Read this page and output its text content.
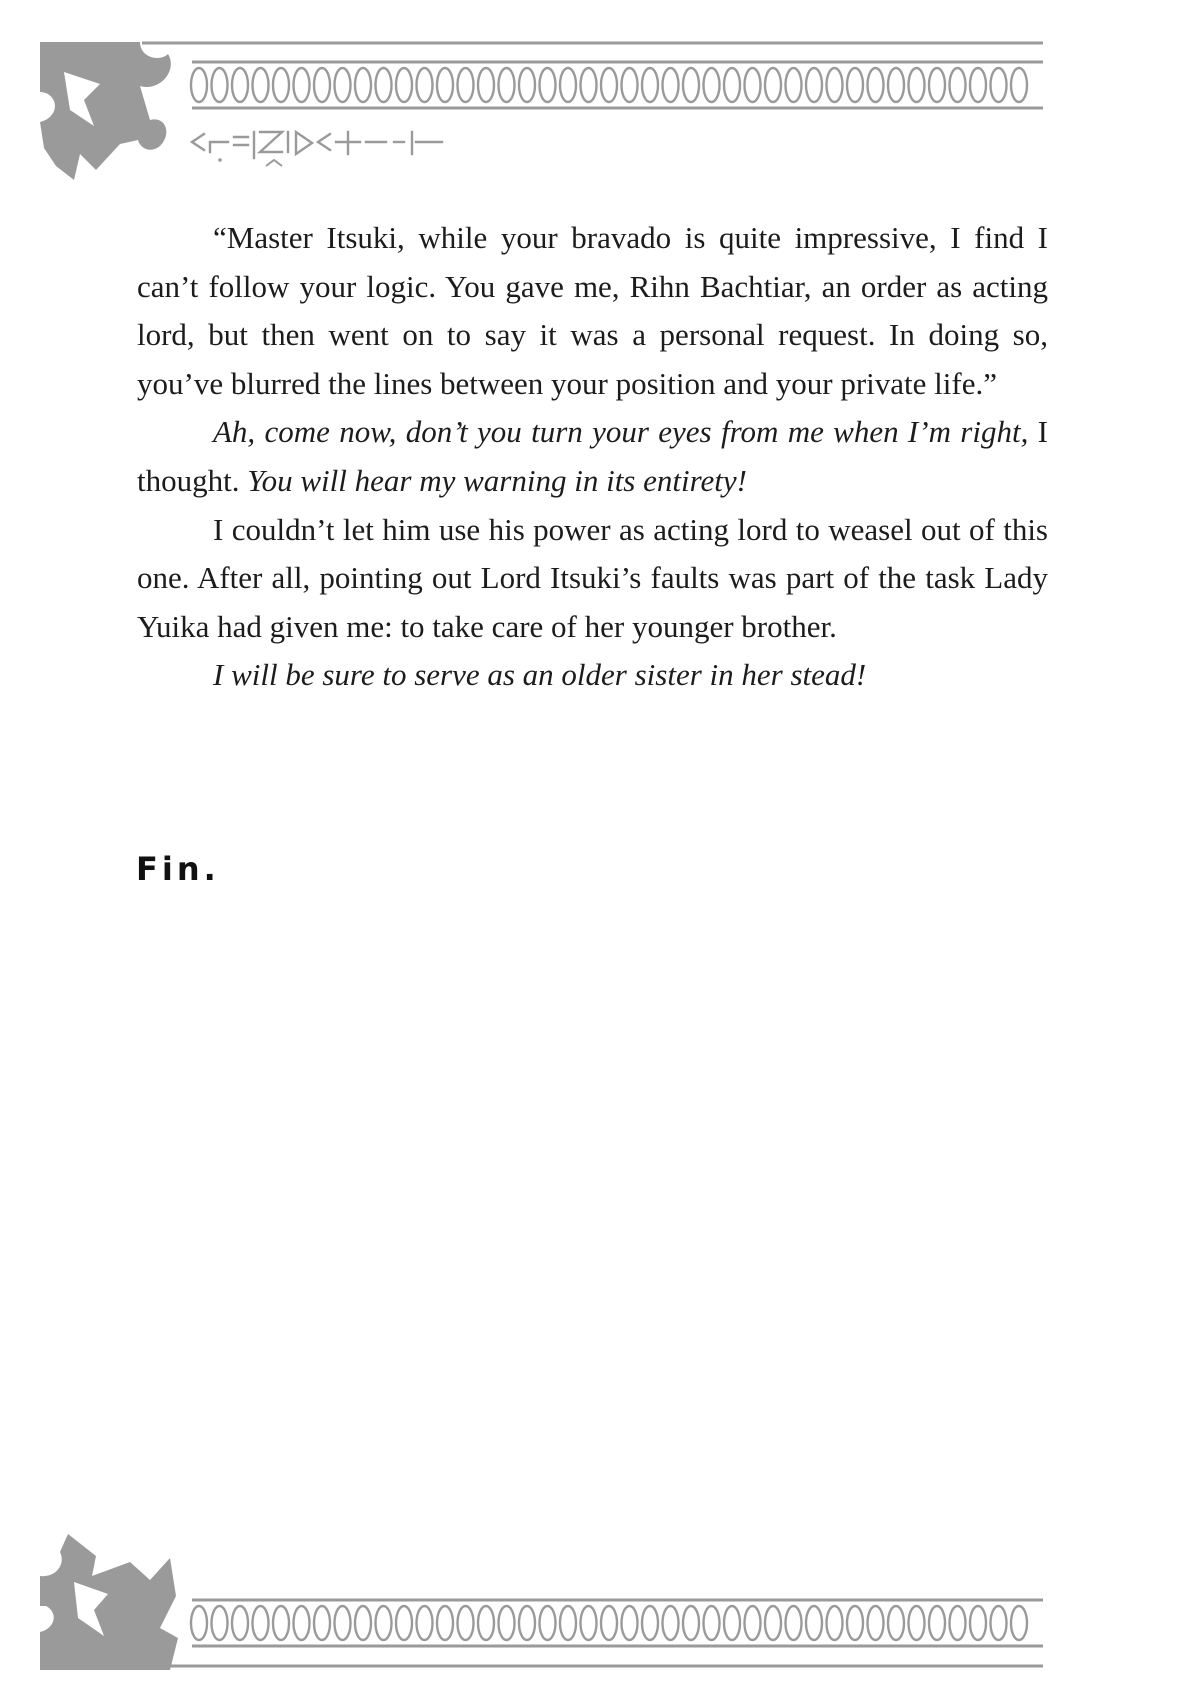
ᚲᚨ=ᛁᛞᚦᚲ+−−ᛁ

“Master Itsuki, while your bravado is quite impressive, I find I can’t follow your logic. You gave me, Rihn Bachtiar, an order as acting lord, but then went on to say it was a personal request. In doing so, you’ve blurred the lines between your position and your private life.”

Ah, come now, don’t you turn your eyes from me when I’m right, I thought. You will hear my warning in its entirety!

I couldn’t let him use his power as acting lord to weasel out of this one. After all, pointing out Lord Itsuki’s faults was part of the task Lady Yuika had given me: to take care of her younger brother.

I will be sure to serve as an older sister in her stead!

Fin.
